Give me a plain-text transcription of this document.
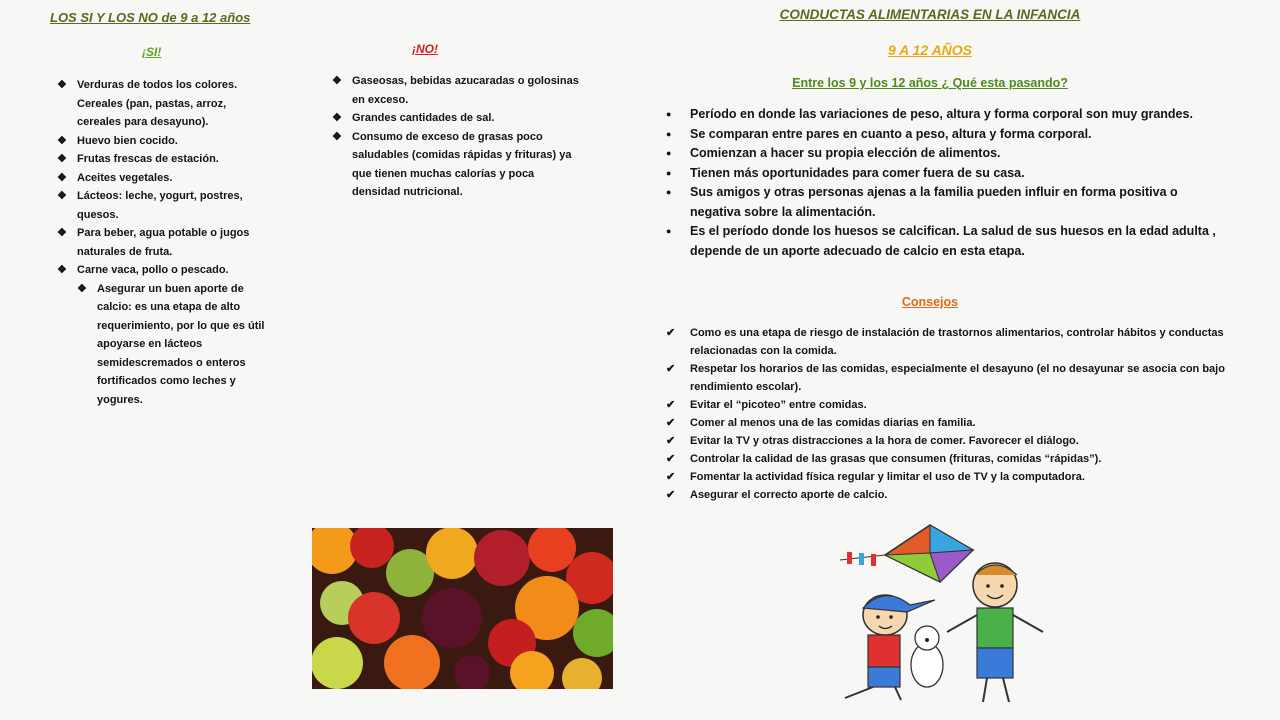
LOS SI Y LOS NO de 9 a 12 años
¡SI!	¡NO!
❖ Verduras de todos los colores. Cereales (pan, pastas, arroz, cereales para desayuno).
❖ Huevo bien cocido.
❖ Frutas frescas de estación.
❖ Aceites vegetales.
❖ Lácteos: leche, yogurt, postres, quesos.
❖ Para beber, agua potable o jugos naturales de fruta.
❖ Carne vaca, pollo o pescado.
❖ Asegurar un buen aporte de calcio: es una etapa de alto requerimiento, por lo que es útil apoyarse en lácteos semidescremados o enteros fortificados como leches y yogures.
❖ Gaseosas, bebidas azucaradas o golosinas en exceso.
❖ Grandes cantidades de sal.
❖ Consumo de exceso de grasas poco saludables (comidas rápidas y frituras) ya que tienen muchas calorías y poca densidad nutricional.
CONDUCTAS ALIMENTARIAS EN LA INFANCIA
9 A 12 AÑOS
Entre los 9 y los 12 años ¿ Qué esta pasando?
● Período en donde las variaciones de peso, altura y forma corporal son muy grandes.
● Se comparan entre pares en cuanto a peso, altura y forma corporal.
● Comienzan a hacer su propia elección de alimentos.
● Tienen más oportunidades para comer fuera de su casa.
● Sus amigos y otras personas ajenas a la familia pueden influir en forma positiva o negativa sobre la alimentación.
● Es el período donde los huesos se calcifican. La salud de sus huesos en la edad adulta , depende de un aporte adecuado de calcio en esta etapa.
Consejos
✔ Como es una etapa de riesgo de instalación de trastornos alimentarios, controlar hábitos y conductas relacionadas con la comida.
✔ Respetar los horarios de las comidas, especialmente el desayuno (el no desayunar se asocia con bajo rendimiento escolar).
✔ Evitar el “picoteo” entre comidas.
✔ Comer al menos una de las comidas diarias en familia.
✔ Evitar la TV y otras distracciones a la hora de comer. Favorecer el diálogo.
✔ Controlar la calidad de las grasas que consumen (frituras, comidas “rápidas”).
✔ Fomentar la actividad física regular y limitar el uso de TV y la computadora.
✔ Asegurar el correcto aporte de calcio.
